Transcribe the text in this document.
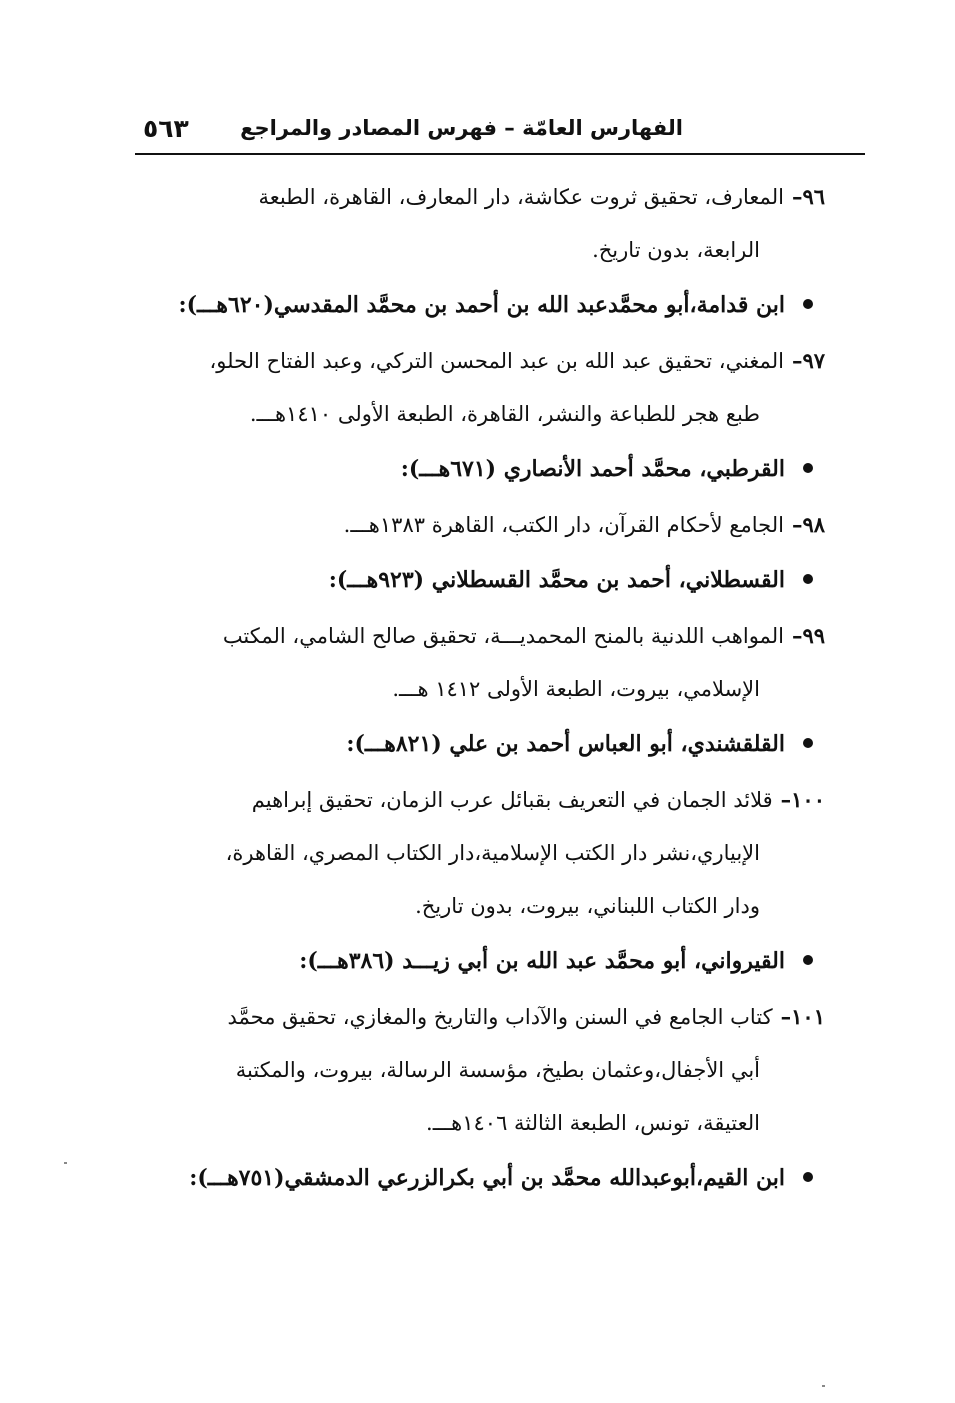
الفهارس العامّة – فهرس المصادر والمراجع
٥٦٣

٩٦–المعارف، تحقيق ثروت عكاشة، دار المعارف، القاهرة، الطبعة
الرابعة، بدون تاريخ.

ابن قدامة،أبو محمَّدعبد الله بن أحمد بن محمَّد المقدسي(٦٢٠هـــ):

٩٧–المغني، تحقيق عبد الله بن عبد المحسن التركي، وعبد الفتاح الحلو،
طبع هجر للطباعة والنشر، القاهرة، الطبعة الأولى ١٤١٠هـــ.

القرطبي، محمَّد أحمد الأنصاري (٦٧١هـــ):

٩٨–الجامع لأحكام القرآن، دار الكتب، القاهرة ١٣٨٣هـــ.

القسطلاني، أحمد بن محمَّد القسطلاني (٩٢٣هـــ):

٩٩–المواهب اللدنية بالمنح المحمديـــة، تحقيق صالح الشامي، المكتب
الإسلامي، بيروت، الطبعة الأولى ١٤١٢ هـــ.

القلقشندي، أبو العباس أحمد بن علي (٨٢١هـــ):

١٠٠–قلائد الجمان في التعريف بقبائل عرب الزمان، تحقيق إبراهيم
الإبياري،نشر دار الكتب الإسلامية،دار الكتاب المصري، القاهرة،
ودار الكتاب اللبناني، بيروت، بدون تاريخ.

القيرواني، أبو محمَّد عبد الله بن أبي زيـــد (٣٨٦هـــ):

١٠١–كتاب الجامع في السنن والآداب والتاريخ والمغازي، تحقيق محمَّد
أبي الأجفال،وعثمان بطيخ، مؤسسة الرسالة، بيروت، والمكتبة
العتيقة، تونس، الطبعة الثالثة ١٤٠٦هـــ.

ابن القيم،أبوعبدالله محمَّد بن أبي بكرالزرعي الدمشقي(٧٥١هـــ):
